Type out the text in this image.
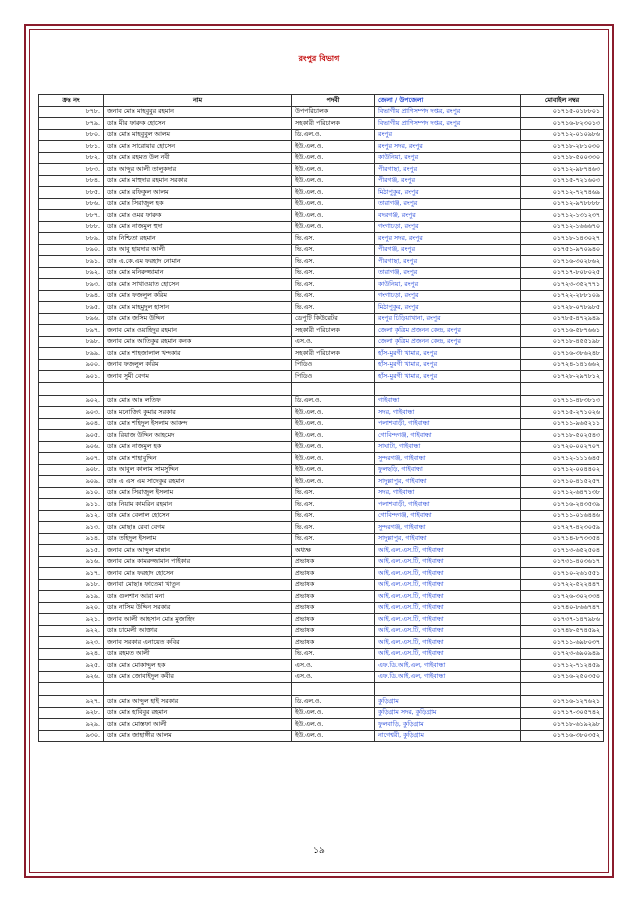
রংপুর বিভাগ
ক্রঃ নং	নাম	পদবী	জেলা / উপজেলা	মোবাইল নম্বর
৮৭৮.	জনাব মোঃ মাহবুবুর রহমান	উপপরিচালক	বিভাগীয় প্রাণিসম্পদ দপ্তর, রংপুর	০১৭১৫-০১৮৮০১
৮৭৯.	ডাঃ মীর ফারুক হোসেন	সহকারী পরিচালক	বিভাগীয় প্রাণিসম্পদ দপ্তর, রংপুর	০১৭১৬-৮২৩০১৩
৮৮০.	ডাঃ মোঃ মাহবুবুল আলম	ডি.এল.ও.	রংপুর	০১৭১২-০১০৯৮৬
৮৮১.	ডাঃ মোঃ সারোয়ার হোসেন	ইউ.এল.ও.	রংপুর সদর, রংপুর	০১৭১৮-২৮১০৩০
৮৮২.	ডাঃ মোঃ রহমত উল নবী	ইউ.এল.ও.	কাউনিয়া, রংপুর	০১৭১৮-৫০০৩৩০
৮৮৩.	ডাঃ আব্দুর আলী তালুকদার	ইউ.এল.ও.	পীরগাছা, রংপুর	০১৭১২-৯৮৭৪৬৩
৮৮৪.	ডাঃ মোঃ মাহুদার রহমান সরকার	ইউ.এল.ও.	পীরগঞ্জ, রংপুর	০১৭১৫-৭২১৬০৩
৮৮৫.	ডাঃ মোঃ রফিকুল আলম	ইউ.এল.ও.	মিঠাপুকুর, রংপুর	০১৭১২-৭২৭৪৬৯
৮৮৬.	ডাঃ মোঃ সিরাজুল হক	ইউ.এল.ও.	তারাগঞ্জ, রংপুর	০১৭১২-৯৭৮৮৮৮
৮৮৭.	ডাঃ মোঃ ওমর ফারুক	ইউ.এল.ও.	বদরগঞ্জ, রংপুর	০১৭১২-১৩১২৩৭
৮৮৮.	ডাঃ মোঃ নাজমুল হুদা	ইউ.এল.ও.	গংগাচড়া, রংপুর	০১৭১২-১৬৬৬৭০
৮৮৯.	ডাঃ নিশ্চিতা রহমান	ভি.এস.	রংপুর সদর, রংপুর	০১৭১৮-১৪৩০২৭
৮৯০.	ডাঃ আবু হায়দার আলী	ভি.এস.	পীরগঞ্জ, রংপুর	০১৭৫১-৯৭০৯৪০
৮৯১.	ডাঃ এ.কে.এম ফরহাদ নোমান	ভি.এস.	পীরগাছা, রংপুর	০১৭১৬-৩০২৮৬২
৮৯২.	ডাঃ মোঃ মনিরুজ্জামান	ভি.এস.	তারাগঞ্জ, রংপুর	০১৭১৭-৮০৮০২৫
৮৯৩.	ডাঃ মোঃ সাখাওয়াত হোসেন	ভি.এস.	কাউনিয়া, রংপুর	০১৭২৩-৩৫২৭৭১
৮৯৪.	ডাঃ মোঃ ফজলুল করিম	ভি.এস.	গংগাচড়া, রংপুর	০১৭২২-২৮৮১০৯
৮৯৫.	ডাঃ মোঃ মাহমুদুল হাসান	ভি.এস.	মিঠাপুকুর, রংপুর	০১৭২৮-০৭৮৯৮৫
৮৯৬.	ডাঃ মোঃ জসিম উদ্দিন	ডেপুটি কিউরেটর	রংপুর চিড়িয়াখানা, রংপুর	০১৭৮৫-৪৭২৯৪৯
৮৯৭.	জনাব মোঃ ওয়াহিদুর রহমান	সহকারী পরিচালক	জেলা কৃত্রিম প্রজনন কেন্দ্র, রংপুর	০১৭১৬-৫৮৭৬৬১
৮৯৮.	জনাব মোঃ আতিকুর রহমান কনক	এস.ও.	জেলা কৃত্রিম প্রজনন কেন্দ্র, রংপুর	০১৭১৮-৪৫৫১৯৮
৮৯৯.	ডাঃ মোঃ শাহজালাল খন্দকার	সহকারী পরিচালক	হাঁস-মুরগী খামার, রংপুর	০১৭১৬-৩৮৬২৪৮
৯০০.	জনাব ফজলুল করিম	পিডিও	হাঁস-মুরগী খামার, রংপুর	০১৭২৪-১৪১৬৬২
৯০১.	জনাব সুমী বেগম	পিডিও	হাঁস-মুরগী খামার, রংপুর	০১৭২৮-২৯৭৮১২

৯০২.	ডাঃ মোঃ আঃ লতিফ	ডি.এল.ও.	গাইবান্ধা	০১৭১১-৪৮৩৮১৩
৯০৩.	ডাঃ মনোজিৎ কুমার সরকার	ইউ.এল.ও.	সদর, গাইবান্ধা	০১৭১৫-২৭১০২৬
৯০৪.	ডাঃ মোঃ শহিদুল ইসলাম আকন্দ	ইউ.এল.ও.	পলাশবাড়ী, গাইবান্ধা	০১৭১১-৯৬৫২১১
৯০৫.	ডাঃ রিয়াজ উদ্দিন আহমেদ	ইউ.এল.ও.	গোবিন্দগঞ্জ, গাইবান্ধা	০১৭১৮-৫০২৫৪৩
৯০৬.	ডাঃ মোঃ নাজমুল হক	ইউ.এল.ও.	সাঘাটা, গাইবান্ধা	০১৭২০-০০২৭০৭
৯০৭.	ডাঃ মোঃ শাহাবুদ্দিন	ইউ.এল.ও.	সুন্দরগঞ্জ, গাইবান্ধা	০১৭১২-১১১৬৪৫
৯০৮.	ডাঃ আবুল কালাম সামসুদ্দিন	ইউ.এল.ও.	ফুলছড়ি, গাইবান্ধা	০১৭১২-০০৪৪০২
৯০৯.	ডাঃ এ এস এম সাদেকুর রহমান	ইউ.এল.ও.	সাদুল্লাপুর, গাইবান্ধা	০১৭১০-৪১৫২৫৭
৯১০.	ডাঃ মোঃ সিরাজুল ইসলাম	ভি.এস.	সদর, গাইবান্ধা	০১৭১২-৬৪৭১৩৮
৯১১.	ডাঃ নিয়াম কামরিন রহমান	ভি.এস.	পলাশবাড়ী, গাইবান্ধা	০১৭১৬-২৪৩৫৩৯
৯১২.	ডাঃ মোঃ বেলাল হোসেন	ভি.এস.	গোবিন্দগঞ্জ, গাইবান্ধা	০১৭১১-০১৬৪৪৬
৯১৩.	ডাঃ মোছাঃ রেবা বেগম	ভি.এস.	সুন্দরগঞ্জ, গাইবান্ধা	০১৭২৭-৪২৩০৫৯
৯১৪.	ডাঃ তহিদুল ইসলাম	ভি.এস.	সাদুল্লাপুর, গাইবান্ধা	০১৭১৪-৮৭৩৩৫৪
৯১৫.	জনাব মোঃ আব্দুল মান্নান	অধ্যক্ষ	আই.এল.এস.টি, গাইবান্ধা	০১৭১৩-৬৫২৫০৪
৯১৬.	জনাব মোঃ কামরুজ্জামান পাইকার	প্রভাষক	আই.এল.এস.টি, গাইবান্ধা	০১৭৩১-৪০৩৬১৭
৯১৭.	জনাব মোঃ ফরহাদ হোসেন	প্রভাষক	আই.এল.এস.টি, গাইবান্ধা	০১৭১০-২৬১৫৫১
৯১৮.	জনাবা মোছাঃ ফাতেমা খাতুন	প্রভাষক	আই.এল.এস.টি, গাইবান্ধা	০১৭২২-৫২২৪৪৭
৯১৯.	ডাঃ গুলশান আরা মনা	প্রভাষক	আই.এল.এস.টি, গাইবান্ধা	০১৭২৬-৩০২৩৩৪
৯২০.	ডাঃ নাসিম উদ্দিন সরকার	প্রভাষক	আই.এল.এস.টি, গাইবান্ধা	০১৭৪০-৮৬৬৭৪৭
৯২১.	জনাব আলী আহসান মোঃ মুজাহিদ	প্রভাষক	আই.এল.এস.টি, গাইবান্ধা	০১৭৩৭-১৪৭৯৮৬
৯২২.	ডাঃ চামেলী আক্তার	প্রভাষক	আই.এল.এস.টি, গাইবান্ধা	০১৭৪৮-৫৭৪৫৯২
৯২৩.	জনাব সরকার এনায়েত কবির	প্রভাষক	আই.এল.এস.টি, গাইবান্ধা	০১৭১১-৬৯৮০৩৭
৯২৪.	ডাঃ রহমত আলী	ভি.এস.	আই.এল.এস.টি, গাইবান্ধা	০১৭২৩-৬৯০৯৪৯
৯২৫.	ডাঃ মোঃ মোকাদ্দুল হক	এস.ও.	এফ.ডি.আই.এল, গাইবান্ধা	০১৭১২-৭১২৪৫৯
৯২৬.	ডাঃ মোঃ জোবাইদুল কবীর	এস.ও.	এফ.ডি.আই.এল, গাইবান্ধা	০১৭১৬-২৫০৩৫০

৯২৭.	ডাঃ মোঃ আব্দুল হাই সরকার	ডি.এল.ও.	কুড়িগ্রাম	০১৭১৬-১২৭৬২১
৯২৮.	ডাঃ মোঃ হাবিবুর রহমান	ইউ.এল.ও.	কুড়িগ্রাম সদর, কুড়িগ্রাম	০১৭১৭-৩০৫৭৪২
৯২৯.	ডাঃ মোঃ মোস্তফা আলী	ইউ.এল.ও.	ফুলবাড়ি, কুড়িগ্রাম	০১৭১৮-৬১৯২৯৮
৯৩০.	ডাঃ মোঃ জাহাঙ্গীর আলম	ইউ.এল.ও.	নাগেশ্বরী, কুড়িগ্রাম	০১৭১৬-৩৮০৩৫২
১৯
